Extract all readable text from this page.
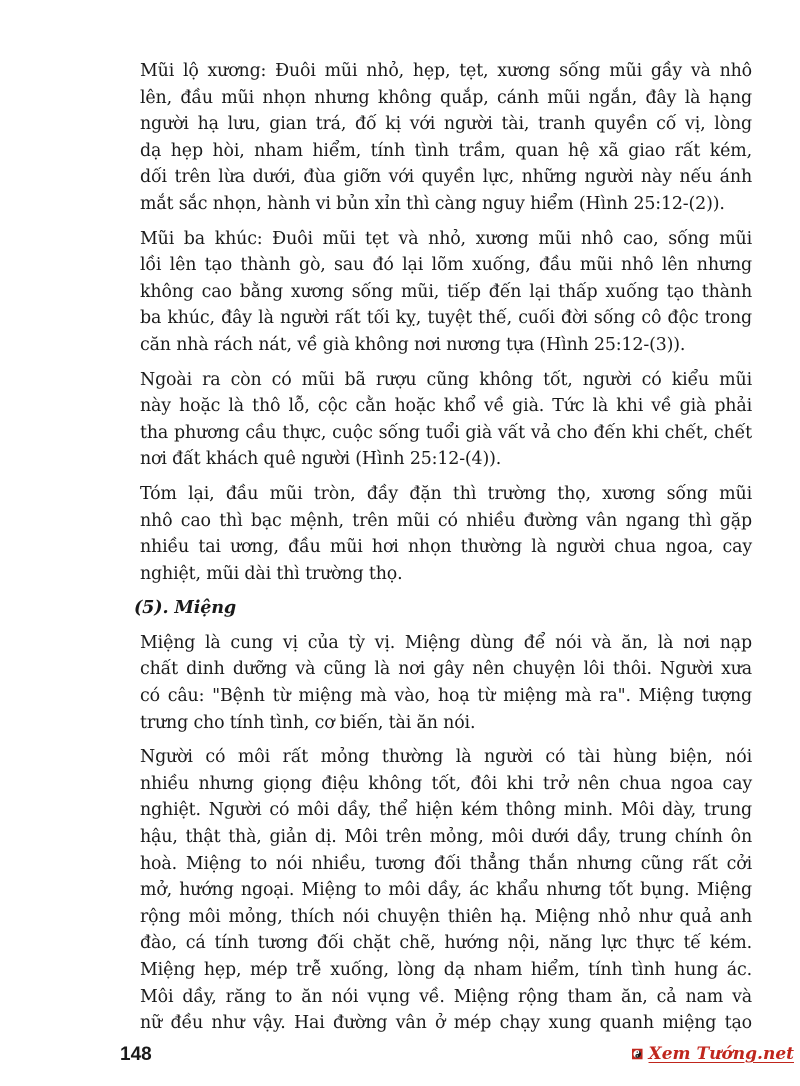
Mũi lộ xương: Đuôi mũi nhỏ, hẹp, tẹt, xương sống mũi gầy và nhô
lên, đầu mũi nhọn nhưng không quắp, cánh mũi ngắn, đây là hạng
người hạ lưu, gian trá, đố kị với người tài, tranh quyền cố vị, lòng
dạ hẹp hòi, nham hiểm, tính tình trầm, quan hệ xã giao rất kém,
dối trên lừa dưới, đùa giỡn với quyền lực, những người này nếu ánh
mắt sắc nhọn, hành vi bủn xỉn thì càng nguy hiểm (Hình 25:12-(2)).
Mũi ba khúc: Đuôi mũi tẹt và nhỏ, xương mũi nhô cao, sống mũi
lồi lên tạo thành gò, sau đó lại lõm xuống, đầu mũi nhô lên nhưng
không cao bằng xương sống mũi, tiếp đến lại thấp xuống tạo thành
ba khúc, đây là người rất tối kỵ, tuyệt thế, cuối đời sống cô độc trong
căn nhà rách nát, về già không nơi nương tựa (Hình 25:12-(3)).
Ngoài ra còn có mũi bã rượu cũng không tốt, người có kiểu mũi
này hoặc là thô lỗ, cộc cằn hoặc khổ về già. Tức là khi về già phải
tha phương cầu thực, cuộc sống tuổi già vất vả cho đến khi chết, chết
nơi đất khách quê người (Hình 25:12-(4)).
Tóm lại, đầu mũi tròn, đầy đặn thì trường thọ, xương sống mũi
nhô cao thì bạc mệnh, trên mũi có nhiều đường vân ngang thì gặp
nhiều tai ương, đầu mũi hơi nhọn thường là người chua ngoa, cay
nghiệt, mũi dài thì trường thọ.
(5). Miệng
Miệng là cung vị của tỳ vị. Miệng dùng để nói và ăn, là nơi nạp
chất dinh dưỡng và cũng là nơi gây nên chuyện lôi thôi. Người xưa
có câu: "Bệnh từ miệng mà vào, hoạ từ miệng mà ra". Miệng tượng
trưng cho tính tình, cơ biến, tài ăn nói.
Người có môi rất mỏng thường là người có tài hùng biện, nói
nhiều nhưng giọng điệu không tốt, đôi khi trở nên chua ngoa cay
nghiệt. Người có môi dầy, thể hiện kém thông minh. Môi dày, trung
hậu, thật thà, giản dị. Môi trên mỏng, môi dưới dầy, trung chính ôn
hoà. Miệng to nói nhiều, tương đối thẳng thắn nhưng cũng rất cởi
mở, hướng ngoại. Miệng to môi dầy, ác khẩu nhưng tốt bụng. Miệng
rộng môi mỏng, thích nói chuyện thiên hạ. Miệng nhỏ như quả anh
đào, cá tính tương đối chặt chẽ, hướng nội, năng lực thực tế kém.
Miệng hẹp, mép trễ xuống, lòng dạ nham hiểm, tính tình hung ác.
Môi dầy, răng to ăn nói vụng về. Miệng rộng tham ăn, cả nam và
nữ đều như vậy. Hai đường vân ở mép chạy xung quanh miệng tạo
148	Xem Tướng.net
